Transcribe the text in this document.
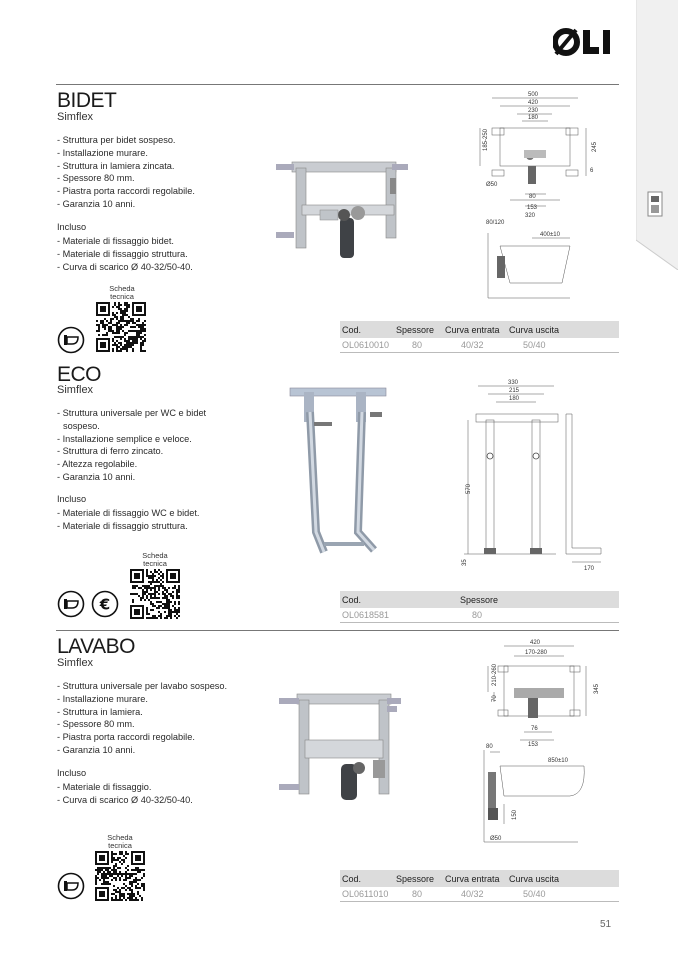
BIDET
Simflex
- Struttura per bidet sospeso.
- Installazione murare.
- Struttura in lamiera zincata.
- Spessore 80 mm.
- Piastra porta raccordi regolabile.
- Garanzia 10 anni.
Incluso
- Materiale di fissaggio bidet.
- Materiale di fissaggio struttura.
- Curva di scarico Ø 40-32/50-40.
Scheda
tecnica
500
420
230
180
185-250	245
6
Ø50
80
153
320
80/120
400±10
Cod.	Spessore	Curva entrata	Curva uscita
OL0610010	80	40/32	50/40
ECO
Simflex
- Struttura universale per WC e bidet
sospeso.
- Installazione semplice e veloce.
- Struttura di ferro zincato.
- Altezza regolabile.
- Garanzia 10 anni.
Incluso
- Materiale di fissaggio WC e bidet.
- Materiale di fissaggio struttura.
Scheda
tecnica
€
330
215
180
570
35
170
Cod.	Spessore
OL0618581	80
LAVABO
Simflex
- Struttura universale per lavabo sospeso.
- Installazione murare.
- Struttura in lamiera.
- Spessore 80 mm.
- Piastra porta raccordi regolabile.
- Garanzia 10 anni.
Incluso
- Materiale di fissaggio.
- Curva di scarico Ø 40-32/50-40.
Scheda
tecnica
420
170-280
210-260
70
345
76
153
80
850±10
150
Ø50
Cod.	Spessore	Curva entrata	Curva uscita
OL0611010	80	40/32	50/40
51
